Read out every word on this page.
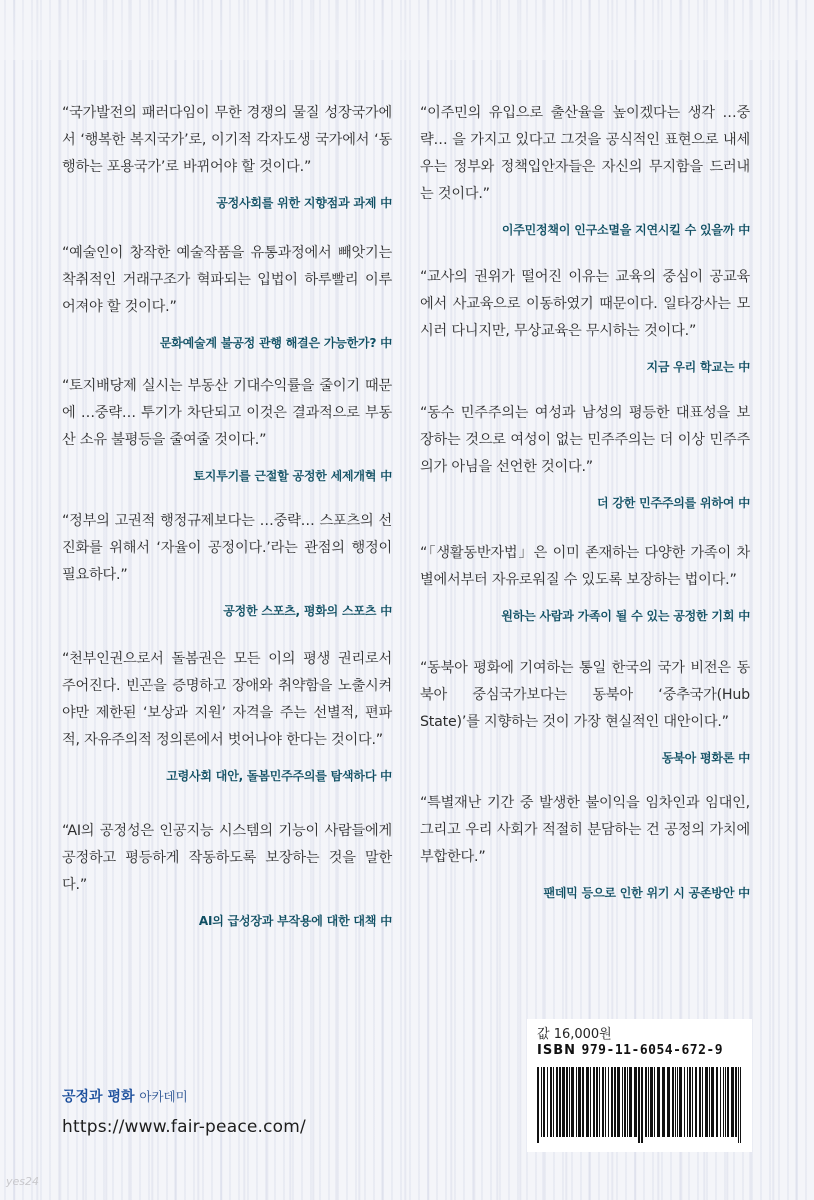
“국가발전의 패러다임이 무한 경쟁의 물질 성장국가에서 ‘행복한 복지국가’로, 이기적 각자도생 국가에서 ‘동행하는 포용국가’로 바뀌어야 할 것이다.”

공정사회를 위한 지향점과 과제 中

“예술인이 창작한 예술작품을 유통과정에서 빼앗기는 착취적인 거래구조가 혁파되는 입법이 하루빨리 이루어져야 할 것이다.”

문화예술계 불공정 관행 해결은 가능한가? 中

“토지배당제 실시는 부동산 기대수익률을 줄이기 때문에 …중략… 투기가 차단되고 이것은 결과적으로 부동산 소유 불평등을 줄여줄 것이다.”

토지투기를 근절할 공정한 세제개혁 中

“정부의 고권적 행정규제보다는 …중략… 스포츠의 선진화를 위해서 ‘자율이 공정이다.’라는 관점의 행정이 필요하다.”

공정한 스포츠, 평화의 스포츠 中

“천부인권으로서 돌봄권은 모든 이의 평생 권리로서 주어진다. 빈곤을 증명하고 장애와 취약함을 노출시켜야만 제한된 ‘보상과 지원’ 자격을 주는 선별적, 편파적, 자유주의적 정의론에서 벗어나야 한다는 것이다.”

고령사회 대안, 돌봄민주주의를 탐색하다 中

“AI의 공정성은 인공지능 시스템의 기능이 사람들에게 공정하고 평등하게 작동하도록 보장하는 것을 말한다.”

AI의 급성장과 부작용에 대한 대책 中

“이주민의 유입으로 출산율을 높이겠다는 생각 …중략… 을 가지고 있다고 그것을 공식적인 표현으로 내세우는 정부와 정책입안자들은 자신의 무지함을 드러내는 것이다.”

이주민정책이 인구소멸을 지연시킬 수 있을까 中

“교사의 권위가 떨어진 이유는 교육의 중심이 공교육에서 사교육으로 이동하였기 때문이다. 일타강사는 모시러 다니지만, 무상교육은 무시하는 것이다.”

지금 우리 학교는 中

“동수 민주주의는 여성과 남성의 평등한 대표성을 보장하는 것으로 여성이 없는 민주주의는 더 이상 민주주의가 아님을 선언한 것이다.”

더 강한 민주주의를 위하여 中

“「생활동반자법」은 이미 존재하는 다양한 가족이 차별에서부터 자유로워질 수 있도록 보장하는 법이다.”

원하는 사람과 가족이 될 수 있는 공정한 기회 中

“동북아 평화에 기여하는 통일 한국의 국가 비전은 동북아 중심국가보다는 동북아 ‘중추국가(Hub State)’를 지향하는 것이 가장 현실적인 대안이다.”

동북아 평화론 中

“특별재난 기간 중 발생한 불이익을 임차인과 임대인, 그리고 우리 사회가 적절히 분담하는 건 공정의 가치에 부합한다.”

팬데믹 등으로 인한 위기 시 공존방안 中

값 16,000원
ISBN 979-11-6054-672-9
공정과 평화 아카데미
https://www.fair-peace.com/
yes24
